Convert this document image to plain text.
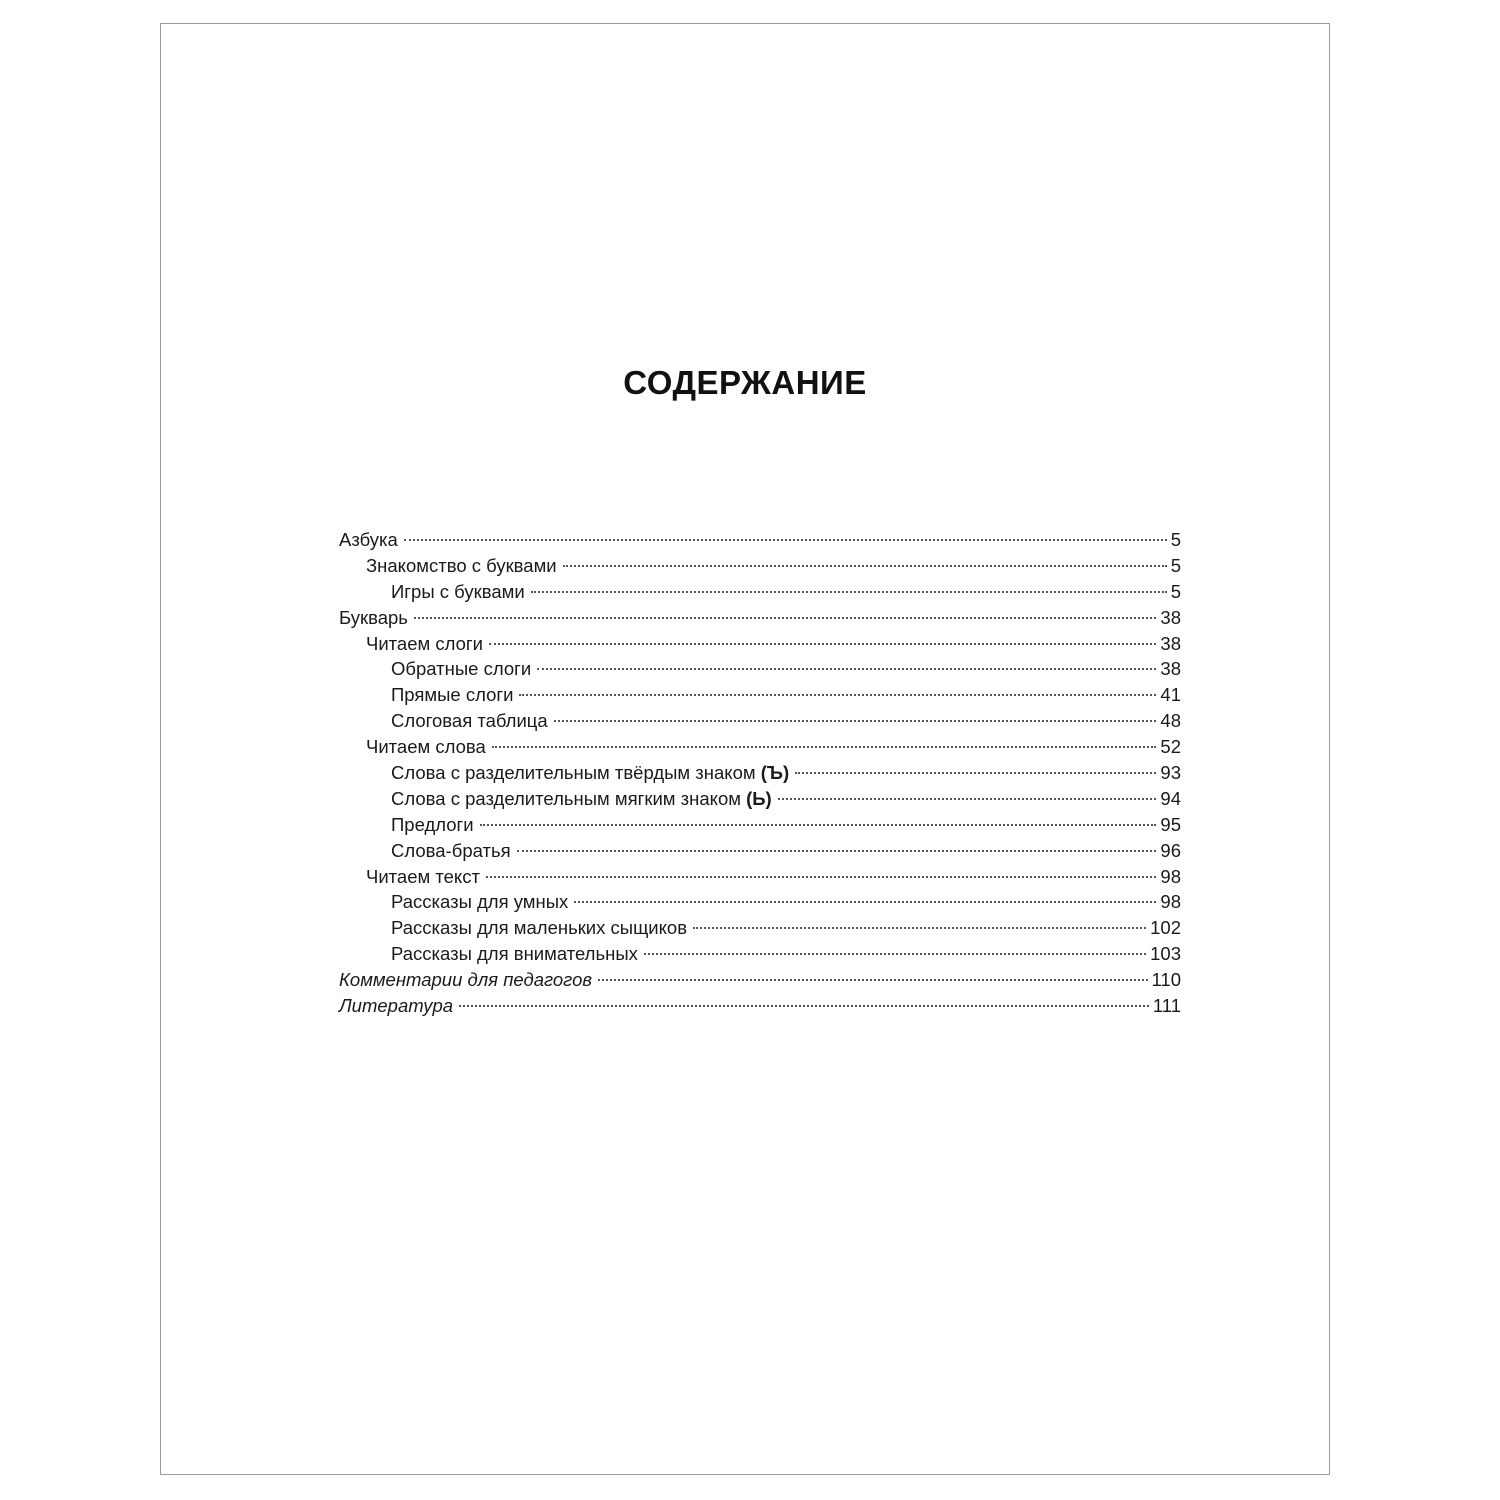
СОДЕРЖАНИЕ
Азбука	5
Знакомство с буквами	5
Игры с буквами	5
Букварь	38
Читаем слоги	38
Обратные слоги	38
Прямые слоги	41
Слоговая таблица	48
Читаем слова	52
Слова с разделительным твёрдым знаком (Ъ)	93
Слова с разделительным мягким знаком (Ь)	94
Предлоги	95
Слова-братья	96
Читаем текст	98
Рассказы для умных	98
Рассказы для маленьких сыщиков	102
Рассказы для внимательных	103
Комментарии для педагогов	110
Литература	111
